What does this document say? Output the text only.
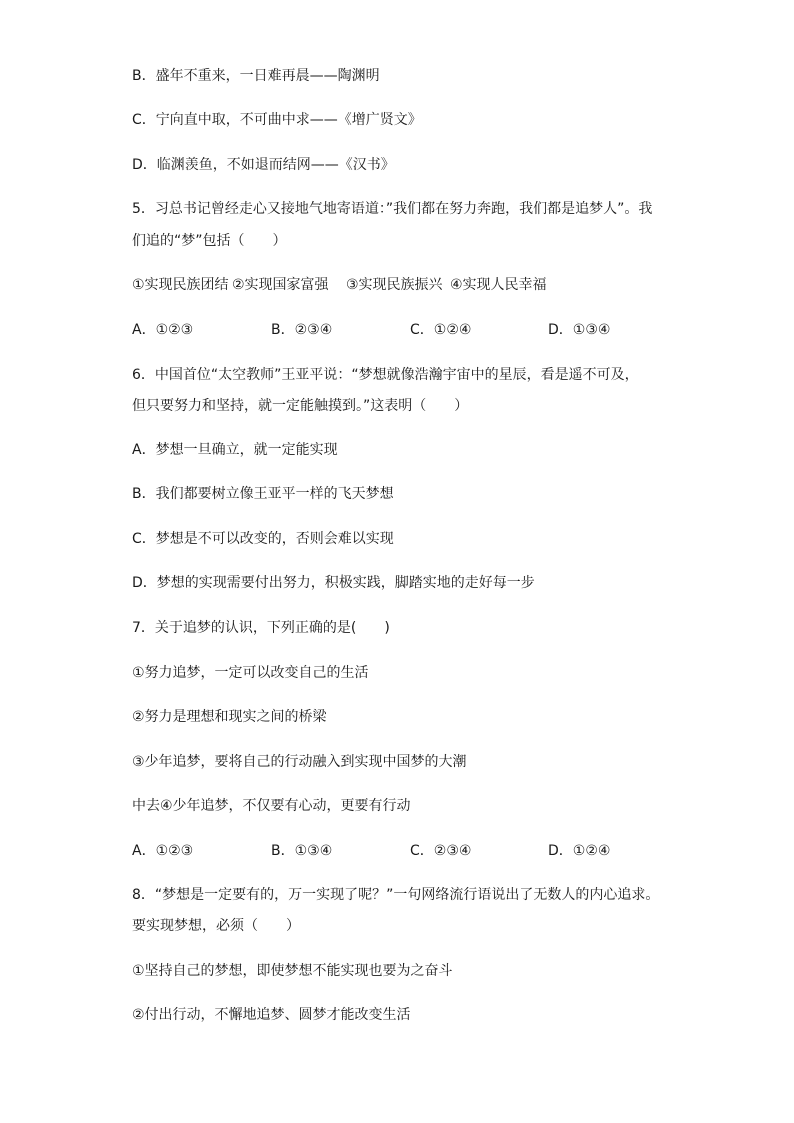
B．盛年不重来，一日难再晨——陶渊明
C．宁向直中取，不可曲中求——《增广贤文》
D．临渊羡鱼，不如退而结网——《汉书》
5．习总书记曾经走心又接地气地寄语道：”我们都在努力奔跑，我们都是追梦人”。我
们追的“梦”包括（　　）
①实现民族团结 ②实现国家富强 ③实现民族振兴 ④实现人民幸福
A．①②③	B．②③④	C．①②④	D．①③④
6．中国首位“太空教师”王亚平说：“梦想就像浩瀚宇宙中的星辰，看是遥不可及，
但只要努力和坚持，就一定能触摸到。”这表明（　　）
A．梦想一旦确立，就一定能实现
B．我们都要树立像王亚平一样的飞天梦想
C．梦想是不可以改变的，否则会难以实现
D．梦想的实现需要付出努力，积极实践，脚踏实地的走好每一步
7．关于追梦的认识，下列正确的是(　　)
①努力追梦，一定可以改变自己的生活
②努力是理想和现实之间的桥梁
③少年追梦，要将自己的行动融入到实现中国梦的大潮
中去④少年追梦，不仅要有心动，更要有行动
A．①②③	B．①③④	C．②③④	D．①②④
8．“梦想是一定要有的，万一实现了呢？”一句网络流行语说出了无数人的内心追求。
要实现梦想，必须（　　）
①坚持自己的梦想，即使梦想不能实现也要为之奋斗
②付出行动，不懈地追梦、圆梦才能改变生活
